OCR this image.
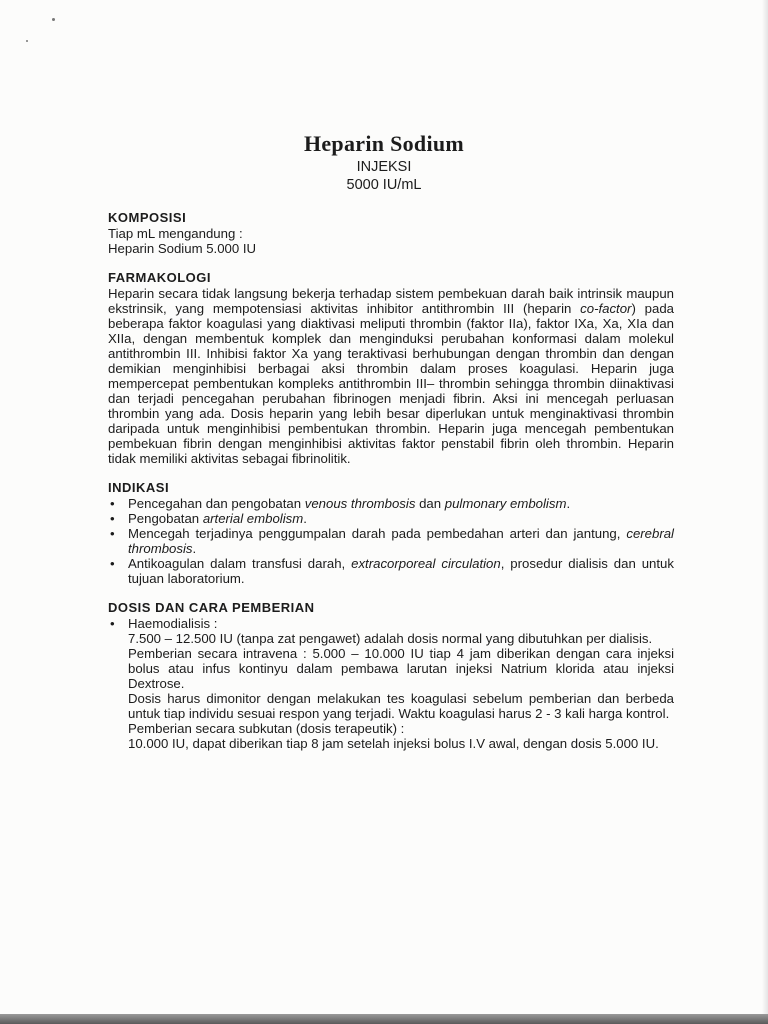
Heparin Sodium
INJEKSI
5000 IU/mL

KOMPOSISI

Tiap mL mengandung :

Heparin Sodium 5.000 IU

FARMAKOLOGI

Heparin secara tidak langsung bekerja terhadap sistem pembekuan darah baik intrinsik maupun ekstrinsik, yang mempotensiasi aktivitas inhibitor antithrombin III (heparin co-factor) pada beberapa faktor koagulasi yang diaktivasi meliputi thrombin (faktor IIa), faktor IXa, Xa, XIa dan XIIa, dengan membentuk komplek dan menginduksi perubahan konformasi dalam molekul antithrombin III. Inhibisi faktor Xa yang teraktivasi berhubungan dengan thrombin dan dengan demikian menginhibisi berbagai aksi thrombin dalam proses koagulasi. Heparin juga mempercepat pembentukan kompleks antithrombin III– thrombin sehingga thrombin diinaktivasi dan terjadi pencegahan perubahan fibrinogen menjadi fibrin. Aksi ini mencegah perluasan thrombin yang ada. Dosis heparin yang lebih besar diperlukan untuk menginaktivasi thrombin daripada untuk menginhibisi pembentukan thrombin. Heparin juga mencegah pembentukan pembekuan fibrin dengan menginhibisi aktivitas faktor penstabil fibrin oleh thrombin. Heparin tidak memiliki aktivitas sebagai fibrinolitik.

INDIKASI

• Pencegahan dan pengobatan venous thrombosis dan pulmonary embolism.
• Pengobatan arterial embolism.
• Mencegah terjadinya penggumpalan darah pada pembedahan arteri dan jantung, cerebral thrombosis.
• Antikoagulan dalam transfusi darah, extracorporeal circulation, prosedur dialisis dan untuk tujuan laboratorium.

DOSIS DAN CARA PEMBERIAN

• Haemodialisis :
7.500 – 12.500 IU (tanpa zat pengawet) adalah dosis normal yang dibutuhkan per dialisis.
Pemberian secara intravena : 5.000 – 10.000 IU tiap 4 jam diberikan dengan cara injeksi bolus atau infus kontinyu dalam pembawa larutan injeksi Natrium klorida atau injeksi Dextrose.
Dosis harus dimonitor dengan melakukan tes koagulasi sebelum pemberian dan berbeda untuk tiap individu sesuai respon yang terjadi. Waktu koagulasi harus 2 - 3 kali harga kontrol.
Pemberian secara subkutan (dosis terapeutik) :
10.000 IU, dapat diberikan tiap 8 jam setelah injeksi bolus I.V awal, dengan dosis 5.000 IU.
